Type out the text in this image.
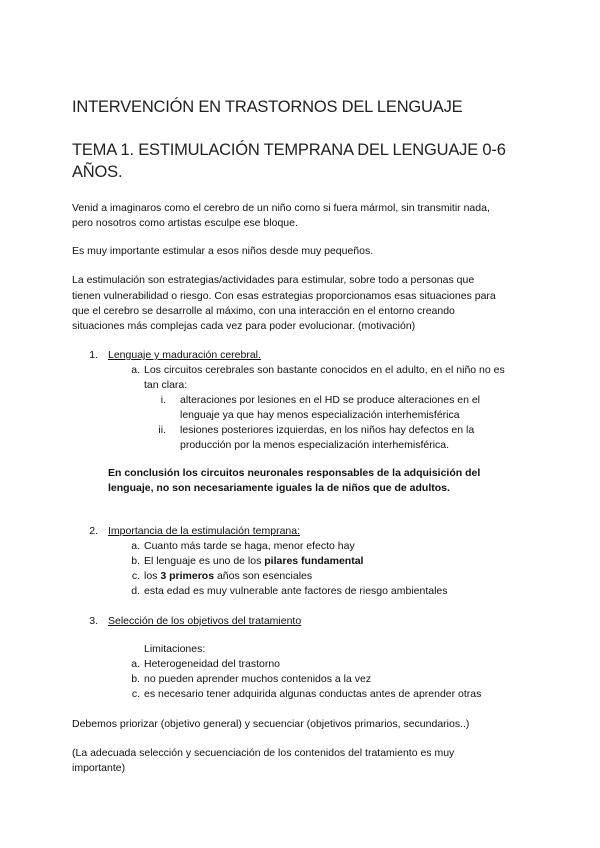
INTERVENCIÓN EN TRASTORNOS DEL LENGUAJE
TEMA 1. ESTIMULACIÓN TEMPRANA DEL LENGUAJE 0-6
AÑOS.
Venid a imaginaros como el cerebro de un niño como si fuera mármol, sin transmitir nada,
pero nosotros como artistas esculpe ese bloque.
Es muy importante estimular a esos niños desde muy pequeños.
La estimulación son estrategias/actividades para estimular, sobre todo a personas que
tienen vulnerabilidad o riesgo. Con esas estrategias proporcionamos esas situaciones para
que el cerebro se desarrolle al máximo, con una interacción en el entorno creando
situaciones más complejas cada vez para poder evolucionar. (motivación)
1. Lenguaje y maduración cerebral.
a. Los circuitos cerebrales son bastante conocidos en el adulto, en el niño no es
tan clara:
i. alteraciones por lesiones en el HD se produce alteraciones en el
lenguaje ya que hay menos especialización interhemisférica
ii. lesiones posteriores izquierdas, en los niños hay defectos en la
producción por la menos especialización interhemisférica.
En conclusión los circuitos neuronales responsables de la adquisición del
lenguaje, no son necesariamente iguales la de niños que de adultos.
2. Importancia de la estimulación temprana:
a. Cuanto más tarde se haga, menor efecto hay
b. El lenguaje es uno de los pilares fundamental
c. los 3 primeros años son esenciales
d. esta edad es muy vulnerable ante factores de riesgo ambientales
3. Selección de los objetivos del tratamiento
Limitaciones:
a. Heterogeneidad del trastorno
b. no pueden aprender muchos contenidos a la vez
c. es necesario tener adquirida algunas conductas antes de aprender otras
Debemos priorizar (objetivo general) y secuenciar (objetivos primarios, secundarios..)
(La adecuada selección y secuenciación de los contenidos del tratamiento es muy
importante)
